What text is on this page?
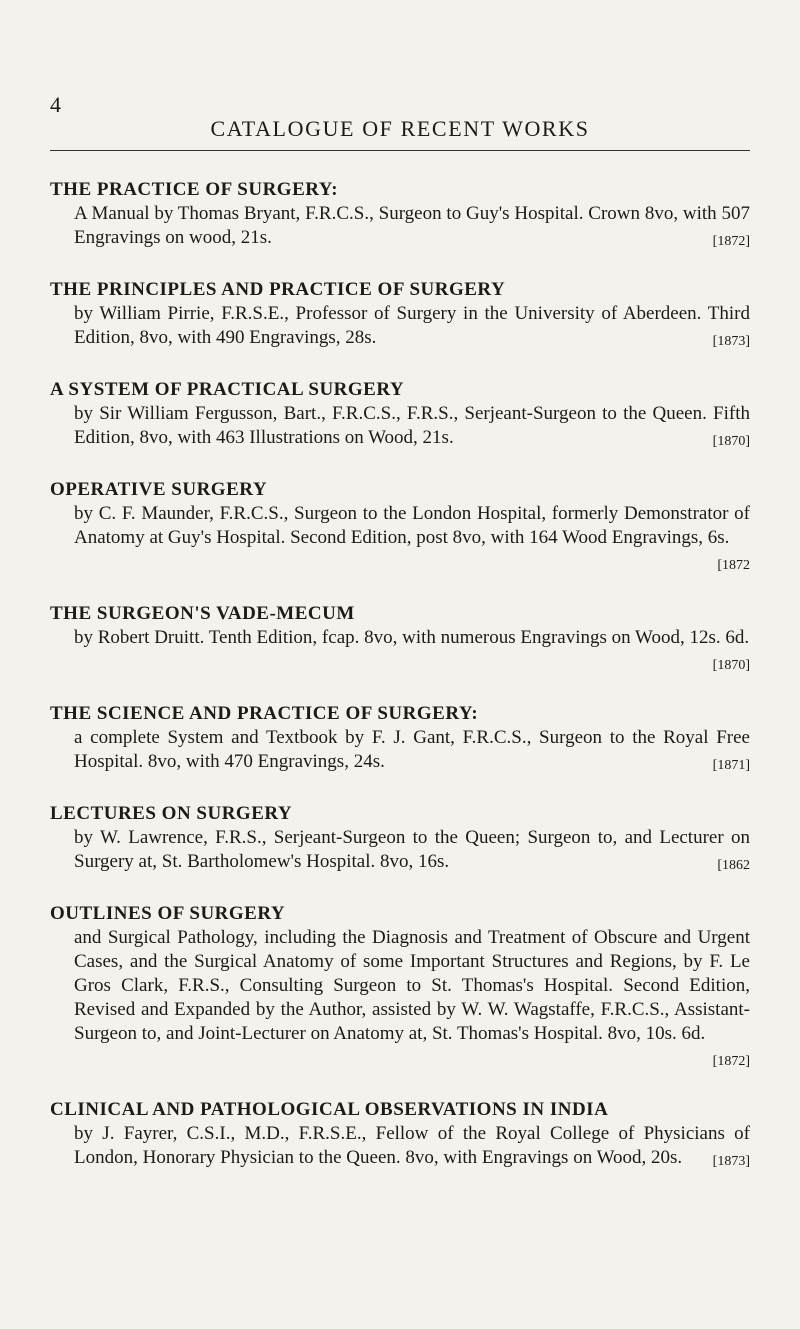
4
CATALOGUE OF RECENT WORKS
THE PRACTICE OF SURGERY:
A Manual by Thomas Bryant, F.R.C.S., Surgeon to Guy's Hospital. Crown 8vo, with 507 Engravings on wood, 21s.	[1872]
THE PRINCIPLES AND PRACTICE OF SURGERY
by William Pirrie, F.R.S.E., Professor of Surgery in the University of Aberdeen. Third Edition, 8vo, with 490 Engravings, 28s.	[1873]
A SYSTEM OF PRACTICAL SURGERY
by Sir William Fergusson, Bart., F.R.C.S., F.R.S., Serjeant-Surgeon to the Queen. Fifth Edition, 8vo, with 463 Illustrations on Wood, 21s.	[1870]
OPERATIVE SURGERY
by C. F. Maunder, F.R.C.S., Surgeon to the London Hospital, formerly Demonstrator of Anatomy at Guy's Hospital. Second Edition, post 8vo, with 164 Wood Engravings, 6s.
[1872
THE SURGEON'S VADE-MECUM
by Robert Druitt. Tenth Edition, fcap. 8vo, with numerous Engravings on Wood, 12s. 6d.
[1870]
THE SCIENCE AND PRACTICE OF SURGERY:
a complete System and Textbook by F. J. Gant, F.R.C.S., Surgeon to the Royal Free Hospital. 8vo, with 470 Engravings, 24s.	[1871]
LECTURES ON SURGERY
by W. Lawrence, F.R.S., Serjeant-Surgeon to the Queen; Surgeon to, and Lecturer on Surgery at, St. Bartholomew's Hospital. 8vo, 16s.	[1862
OUTLINES OF SURGERY
and Surgical Pathology, including the Diagnosis and Treatment of Obscure and Urgent Cases, and the Surgical Anatomy of some Important Structures and Regions, by F. Le Gros Clark, F.R.S., Consulting Surgeon to St. Thomas's Hospital. Second Edition, Revised and Expanded by the Author, assisted by W. W. Wagstaffe, F.R.C.S., Assistant-Surgeon to, and Joint-Lecturer on Anatomy at, St. Thomas's Hospital. 8vo, 10s. 6d.
[1872]
CLINICAL AND PATHOLOGICAL OBSERVATIONS IN INDIA
by J. Fayrer, C.S.I., M.D., F.R.S.E., Fellow of the Royal College of Physicians of London, Honorary Physician to the Queen. 8vo, with Engravings on Wood, 20s. [1873]
